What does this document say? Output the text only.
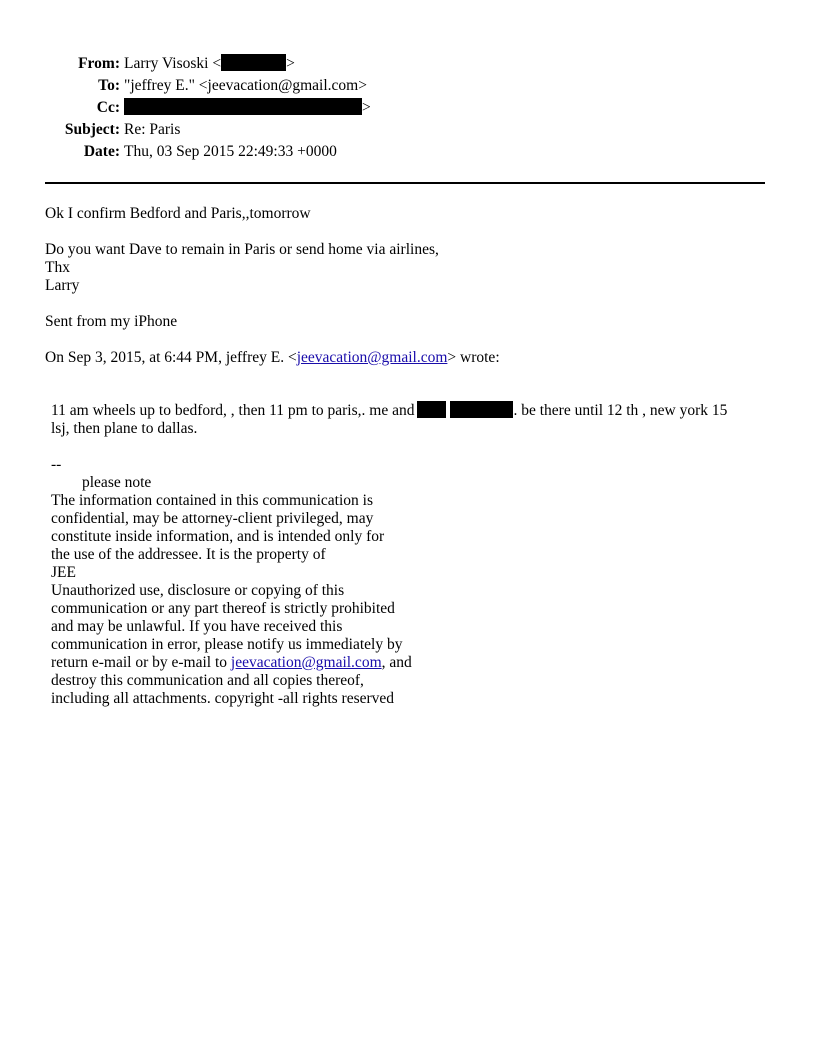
From: Larry Visoski <	>
To: "jeffrey E." <jeevacation@gmail.com>
Cc:	>
Subject: Re: Paris
Date: Thu, 03 Sep 2015 22:49:33 +0000
Ok I confirm Bedford and Paris,,tomorrow
Do you want Dave to remain in Paris or send home via airlines,
Thx
Larry
Sent from my iPhone
On Sep 3, 2015, at 6:44 PM, jeffrey E. <jeevacation@gmail.com> wrote:
11 am wheels up to bedford, , then 11 pm to paris,. me and	. be there until 12 th , new york 15
lsj, then plane to dallas.
--
please note
The information contained in this communication is
confidential, may be attorney-client privileged, may
constitute inside information, and is intended only for
the use of the addressee. It is the property of
JEE
Unauthorized use, disclosure or copying of this
communication or any part thereof is strictly prohibited
and may be unlawful. If you have received this
communication in error, please notify us immediately by
return e-mail or by e-mail to jeevacation@gmail.com, and
destroy this communication and all copies thereof,
including all attachments. copyright -all rights reserved
